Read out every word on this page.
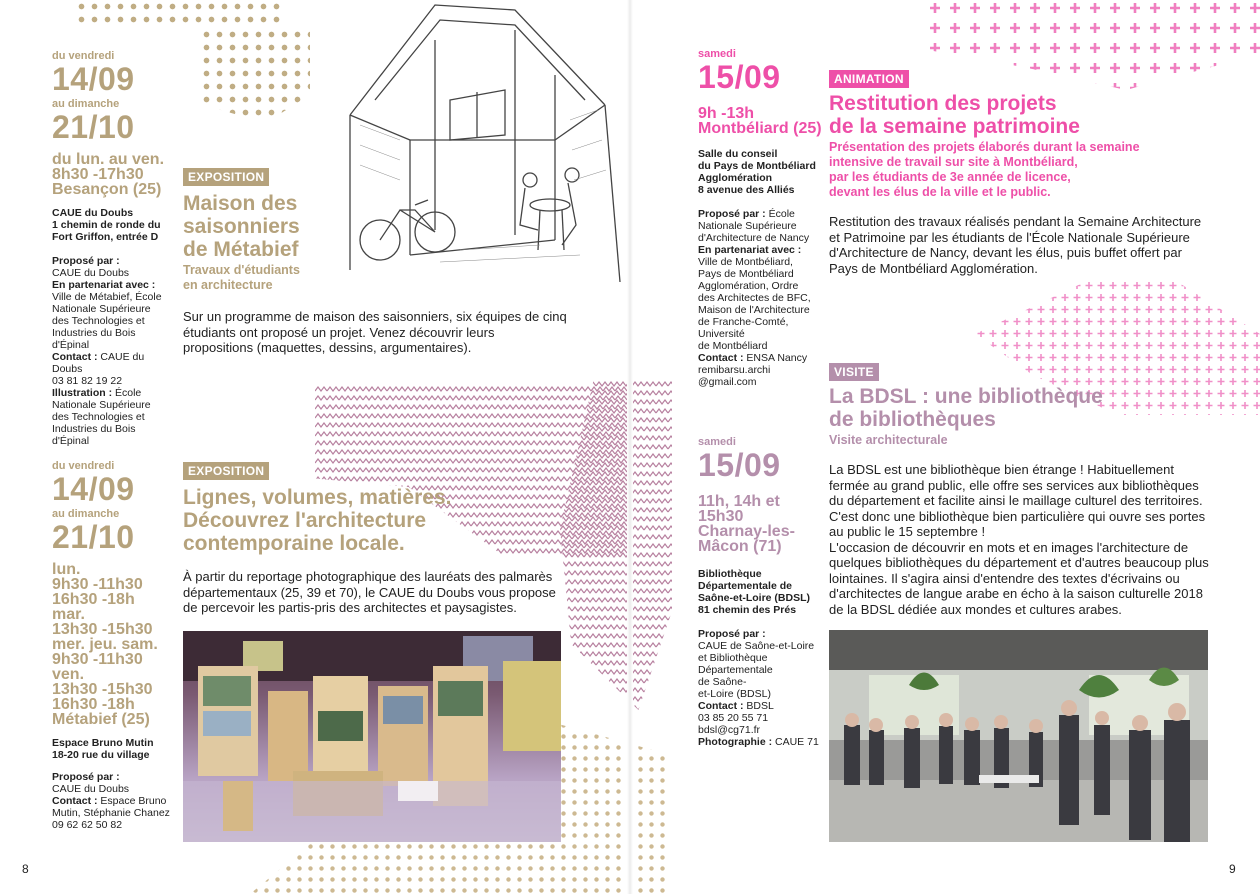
du vendredi
14/09
au dimanche
21/10
du lun. au ven.
8h30 -17h30
Besançon (25)
CAUE du Doubs
1 chemin de ronde du
Fort Griffon, entrée D
Proposé par :
CAUE du Doubs
En partenariat avec :
Ville de Métabief, École
Nationale Supérieure
des Technologies et
Industries du Bois
d'Épinal
Contact : CAUE du Doubs
03 81 82 19 22
Illustration : École
Nationale Supérieure
des Technologies et
Industries du Bois
d'Épinal
EXPOSITION
Maison des
saisonniers
de Métabief
Travaux d'étudiants
en architecture
Sur un programme de maison des saisonniers, six équipes de cinq étudiants ont proposé un projet. Venez découvrir leurs propositions (maquettes, dessins, argumentaires).
du vendredi
14/09
au dimanche
21/10
lun.
9h30 -11h30
16h30 -18h
mar.
13h30 -15h30
mer. jeu. sam.
9h30 -11h30
ven.
13h30 -15h30
16h30 -18h
Métabief (25)
Espace Bruno Mutin
18-20 rue du village
Proposé par :
CAUE du Doubs
Contact : Espace Bruno
Mutin, Stéphanie Chanez
09 62 62 50 82
EXPOSITION
Lignes, volumes, matières.
Découvrez l'architecture
contemporaine locale.
À partir du reportage photographique des lauréats des palmarès départementaux (25, 39 et 70), le CAUE du Doubs vous propose de percevoir les partis-pris des architectes et paysagistes.
8
samedi
15/09
9h -13h
Montbéliard (25)
Salle du conseil
du Pays de Montbéliard
Agglomération
8 avenue des Alliés
Proposé par : École
Nationale Supérieure
d'Architecture de Nancy
En partenariat avec :
Ville de Montbéliard,
Pays de Montbéliard
Agglomération, Ordre
des Architectes de BFC,
Maison de l'Architecture
de Franche-Comté,
Université
de Montbéliard
Contact : ENSA Nancy
remibarsu.archi
@gmail.com
ANIMATION
Restitution des projets
de la semaine patrimoine
Présentation des projets élaborés durant la semaine
intensive de travail sur site à Montbéliard,
par les étudiants de 3e année de licence,
devant les élus de la ville et le public.
Restitution des travaux réalisés pendant la Semaine Architecture et Patrimoine par les étudiants de l'École Nationale Supérieure d'Architecture de Nancy, devant les élus, puis buffet offert par Pays de Montbéliard Agglomération.
samedi
15/09
11h, 14h et
15h30
Charnay-les-
Mâcon (71)
Bibliothèque
Départementale de
Saône-et-Loire (BDSL)
81 chemin des Prés
Proposé par :
CAUE de Saône-et-Loire
et Bibliothèque
Départementale
de Saône-
et-Loire (BDSL)
Contact : BDSL
03 85 20 55 71
bdsl@cg71.fr
Photographie : CAUE 71
VISITE
La BDSL : une bibliothèque
de bibliothèques
Visite architecturale
La BDSL est une bibliothèque bien étrange ! Habituellement fermée au grand public, elle offre ses services aux bibliothèques du département et facilite ainsi le maillage culturel des territoires. C'est donc une bibliothèque bien particulière qui ouvre ses portes au public le 15 septembre !
L'occasion de découvrir en mots et en images l'architecture de quelques bibliothèques du département et d'autres beaucoup plus lointaines. Il s'agira ainsi d'entendre des textes d'écrivains ou d'architectes de langue arabe en écho à la saison culturelle 2018 de la BDSL dédiée aux mondes et cultures arabes.
9
